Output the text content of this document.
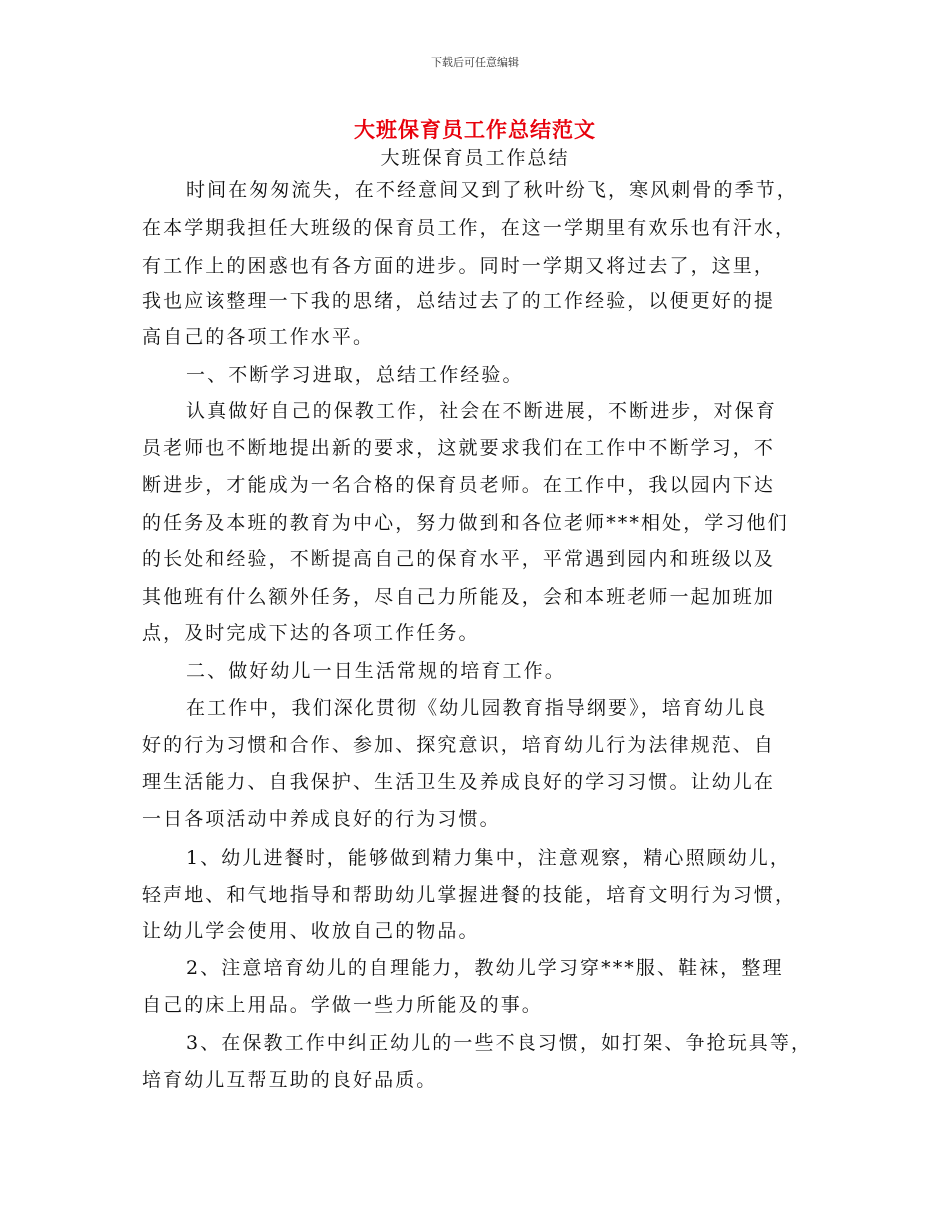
下载后可任意编辑
大班保育员工作总结范文
大班保育员工作总结
时间在匆匆流失，在不经意间又到了秋叶纷飞，寒风刺骨的季节，
在本学期我担任大班级的保育员工作，在这一学期里有欢乐也有汗水，
有工作上的困惑也有各方面的进步。同时一学期又将过去了，这里，
我也应该整理一下我的思绪，总结过去了的工作经验，以便更好的提
高自己的各项工作水平。
一、不断学习进取，总结工作经验。
认真做好自己的保教工作，社会在不断进展，不断进步，对保育
员老师也不断地提出新的要求，这就要求我们在工作中不断学习，不
断进步，才能成为一名合格的保育员老师。在工作中，我以园内下达
的任务及本班的教育为中心，努力做到和各位老师***相处，学习他们
的长处和经验，不断提高自己的保育水平，平常遇到园内和班级以及
其他班有什么额外任务，尽自己力所能及，会和本班老师一起加班加
点，及时完成下达的各项工作任务。
二、做好幼儿一日生活常规的培育工作。
在工作中，我们深化贯彻《幼儿园教育指导纲要》，培育幼儿良
好的行为习惯和合作、参加、探究意识，培育幼儿行为法律规范、自
理生活能力、自我保护、生活卫生及养成良好的学习习惯。让幼儿在
一日各项活动中养成良好的行为习惯。
1、幼儿进餐时，能够做到精力集中，注意观察，精心照顾幼儿，
轻声地、和气地指导和帮助幼儿掌握进餐的技能，培育文明行为习惯，
让幼儿学会使用、收放自己的物品。
2、注意培育幼儿的自理能力，教幼儿学习穿***服、鞋袜，整理
自己的床上用品。学做一些力所能及的事。
3、在保教工作中纠正幼儿的一些不良习惯，如打架、争抢玩具等，
培育幼儿互帮互助的良好品质。
